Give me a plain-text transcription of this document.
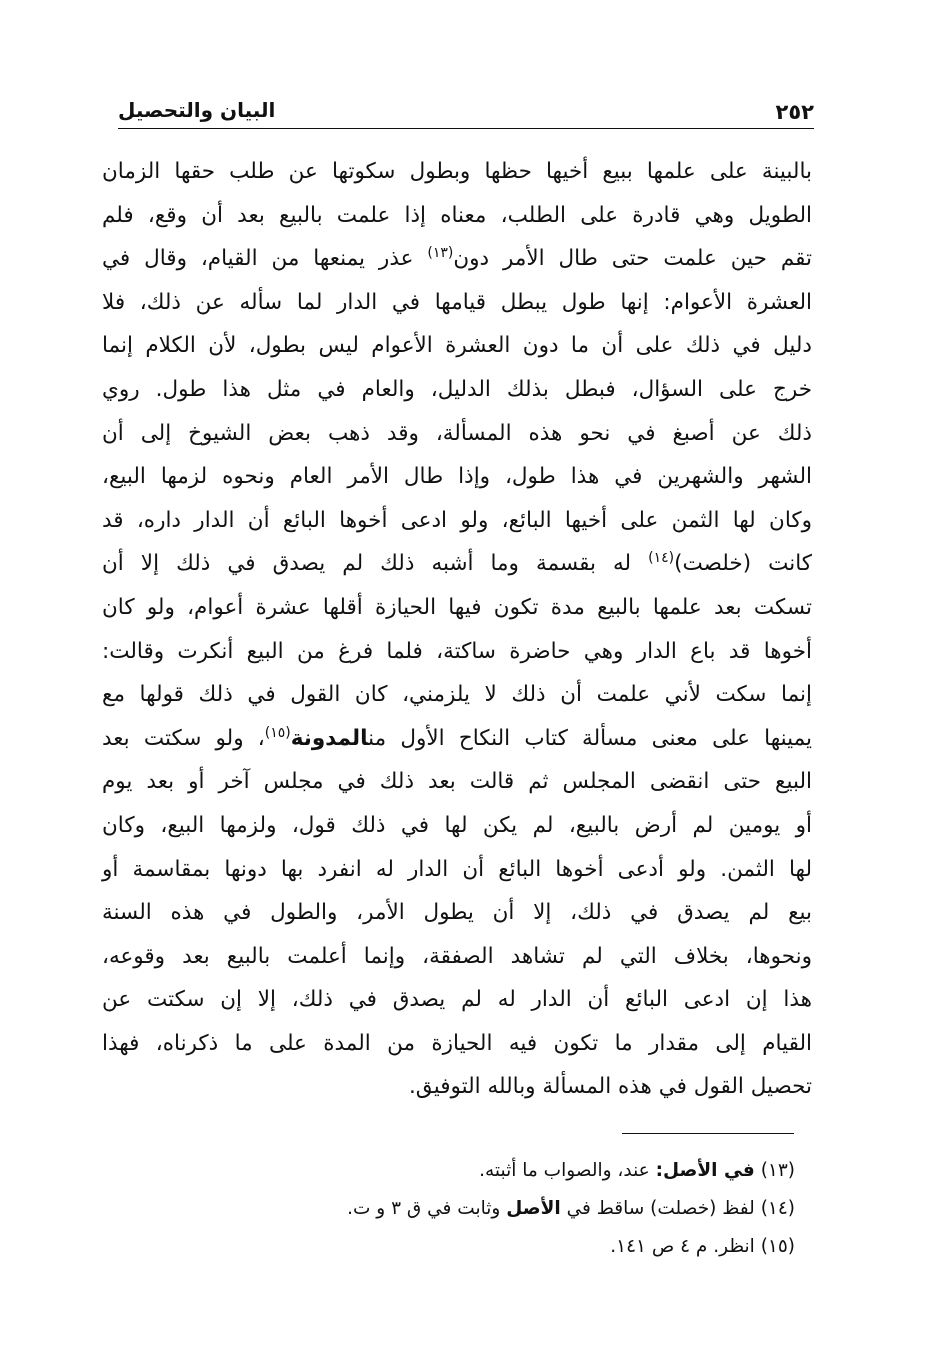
٢٥٢
البيان والتحصيل
بالبينة على علمها ببيع أخيها حظها وبطول سكوتها عن طلب حقها الزمان
الطويل وهي قادرة على الطلب، معناه إذا علمت بالبيع بعد أن وقع، فلم
تقم حين علمت حتى طال الأمر دون$^{(١٣)}$ عذر يمنعها من القيام، وقال في
العشرة الأعوام: إنها طول يبطل قيامها في الدار لما سأله عن ذلك، فلا
دليل في ذلك على أن ما دون العشرة الأعوام ليس بطول، لأن الكلام إنما
خرج على السؤال، فبطل بذلك الدليل، والعام في مثل هذا طول. روي
ذلك عن أصبغ في نحو هذه المسألة، وقد ذهب بعض الشيوخ إلى أن
الشهر والشهرين في هذا طول، وإذا طال الأمر العام ونحوه لزمها البيع،
وكان لها الثمن على أخيها البائع، ولو ادعى أخوها البائع أن الدار داره، قد
كانت (خلصت)$^{(١٤)}$ له بقسمة وما أشبه ذلك لم يصدق في ذلك إلا أن
تسكت بعد علمها بالبيع مدة تكون فيها الحيازة أقلها عشرة أعوام، ولو كان
أخوها قد باع الدار وهي حاضرة ساكتة، فلما فرغ من البيع أنكرت وقالت:
إنما سكت لأني علمت أن ذلك لا يلزمني، كان القول في ذلك قولها مع
يمينها على معنى مسألة كتاب النكاح الأول منالمدونة$^{(١٥)}$، ولو سكتت بعد
البيع حتى انقضى المجلس ثم قالت بعد ذلك في مجلس آخر أو بعد يوم
أو يومين لم أرض بالبيع، لم يكن لها في ذلك قول، ولزمها البيع، وكان
لها الثمن. ولو أدعى أخوها البائع أن الدار له انفرد بها دونها بمقاسمة أو
بيع لم يصدق في ذلك، إلا أن يطول الأمر، والطول في هذه السنة
ونحوها، بخلاف التي لم تشاهد الصفقة، وإنما أعلمت بالبيع بعد وقوعه،
هذا إن ادعى البائع أن الدار له لم يصدق في ذلك، إلا إن سكتت عن
القيام إلى مقدار ما تكون فيه الحيازة من المدة على ما ذكرناه، فهذا
تحصيل القول في هذه المسألة وبالله التوفيق.
(١٣) في الأصل: عند، والصواب ما أثبته.
(١٤) لفظ (خصلت) ساقط في الأصل وثابت في ق ٣ و ت.
(١٥) انظر. م ٤ ص ١٤١.
